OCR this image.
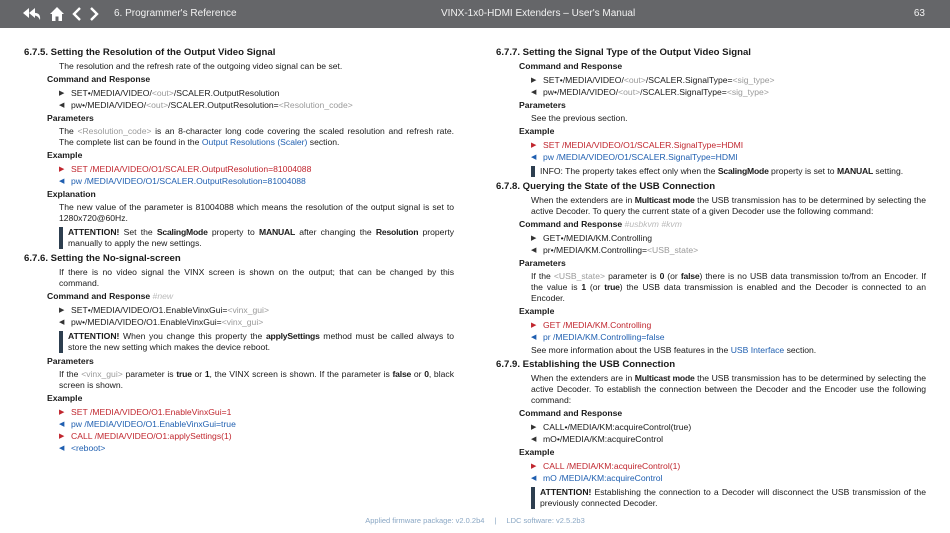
6. Programmer's Reference	VINX-1x0-HDMI Extenders – User's Manual	63
6.7.5. Setting the Resolution of the Output Video Signal
The resolution and the refresh rate of the outgoing video signal can be set.
Command and Response
▶ SET•/MEDIA/VIDEO/<out>/SCALER.OutputResolution
◀ pw•/MEDIA/VIDEO/<out>/SCALER.OutputResolution=<Resolution_code>
Parameters
The <Resolution_code> is an 8-character long code covering the scaled resolution and refresh rate. The complete list can be found in the Output Resolutions (Scaler) section.
Example
▶ SET /MEDIA/VIDEO/O1/SCALER.OutputResolution=81004088
◀ pw /MEDIA/VIDEO/O1/SCALER.OutputResolution=81004088
Explanation
The new value of the parameter is 81004088 which means the resolution of the output signal is set to 1280x720@60Hz.
ATTENTION! Set the ScalingMode property to MANUAL after changing the Resolution property manually to apply the new settings.
6.7.6. Setting the No-signal-screen
If there is no video signal the VINX screen is shown on the output; that can be changed by this command.
Command and Response #new
▶ SET•/MEDIA/VIDEO/O1.EnableVinxGui=<vinx_gui>
◀ pw•/MEDIA/VIDEO/O1.EnableVinxGui=<vinx_gui>
ATTENTION! When you change this property the applySettings method must be called always to store the new setting which makes the device reboot.
Parameters
If the <vinx_gui> parameter is true or 1, the VINX screen is shown. If the parameter is false or 0, black screen is shown.
Example
▶ SET /MEDIA/VIDEO/O1.EnableVinxGui=1
◀ pw /MEDIA/VIDEO/O1.EnableVinxGui=true
▶ CALL /MEDIA/VIDEO/O1:applySettings(1)
◀ <reboot>
6.7.7. Setting the Signal Type of the Output Video Signal
Command and Response
▶ SET•/MEDIA/VIDEO/<out>/SCALER.SignalType=<sig_type>
◀ pw•/MEDIA/VIDEO/<out>/SCALER.SignalType=<sig_type>
Parameters
See the previous section.
Example
▶ SET /MEDIA/VIDEO/O1/SCALER.SignalType=HDMI
◀ pw /MEDIA/VIDEO/O1/SCALER.SignalType=HDMI
INFO: The property takes effect only when the ScalingMode property is set to MANUAL setting.
6.7.8. Querying the State of the USB Connection
When the extenders are in Multicast mode the USB transmission has to be determined by selecting the active Decoder. To query the current state of a given Decoder use the following command:
Command and Response #usbkvm #kvm
▶ GET•/MEDIA/KM.Controlling
◀ pr•/MEDIA/KM.Controlling=<USB_state>
Parameters
If the <USB_state> parameter is 0 (or false) there is no USB data transmission to/from an Encoder. If the value is 1 (or true) the USB data transmission is enabled and the Decoder is connected to an Encoder.
Example
▶ GET /MEDIA/KM.Controlling
◀ pr /MEDIA/KM.Controlling=false
See more information about the USB features in the USB Interface section.
6.7.9. Establishing the USB Connection
When the extenders are in Multicast mode the USB transmission has to be determined by selecting the active Decoder. To establish the connection between the Decoder and the Encoder use the following command:
Command and Response
▶ CALL•/MEDIA/KM:acquireControl(true)
◀ mO•/MEDIA/KM:acquireControl
Example
▶ CALL /MEDIA/KM:acquireControl(1)
◀ mO /MEDIA/KM:acquireControl
ATTENTION! Establishing the connection to a Decoder will disconnect the USB transmission of the previously connected Decoder.
Applied firmware package: v2.0.2b4 | LDC software: v2.5.2b3
